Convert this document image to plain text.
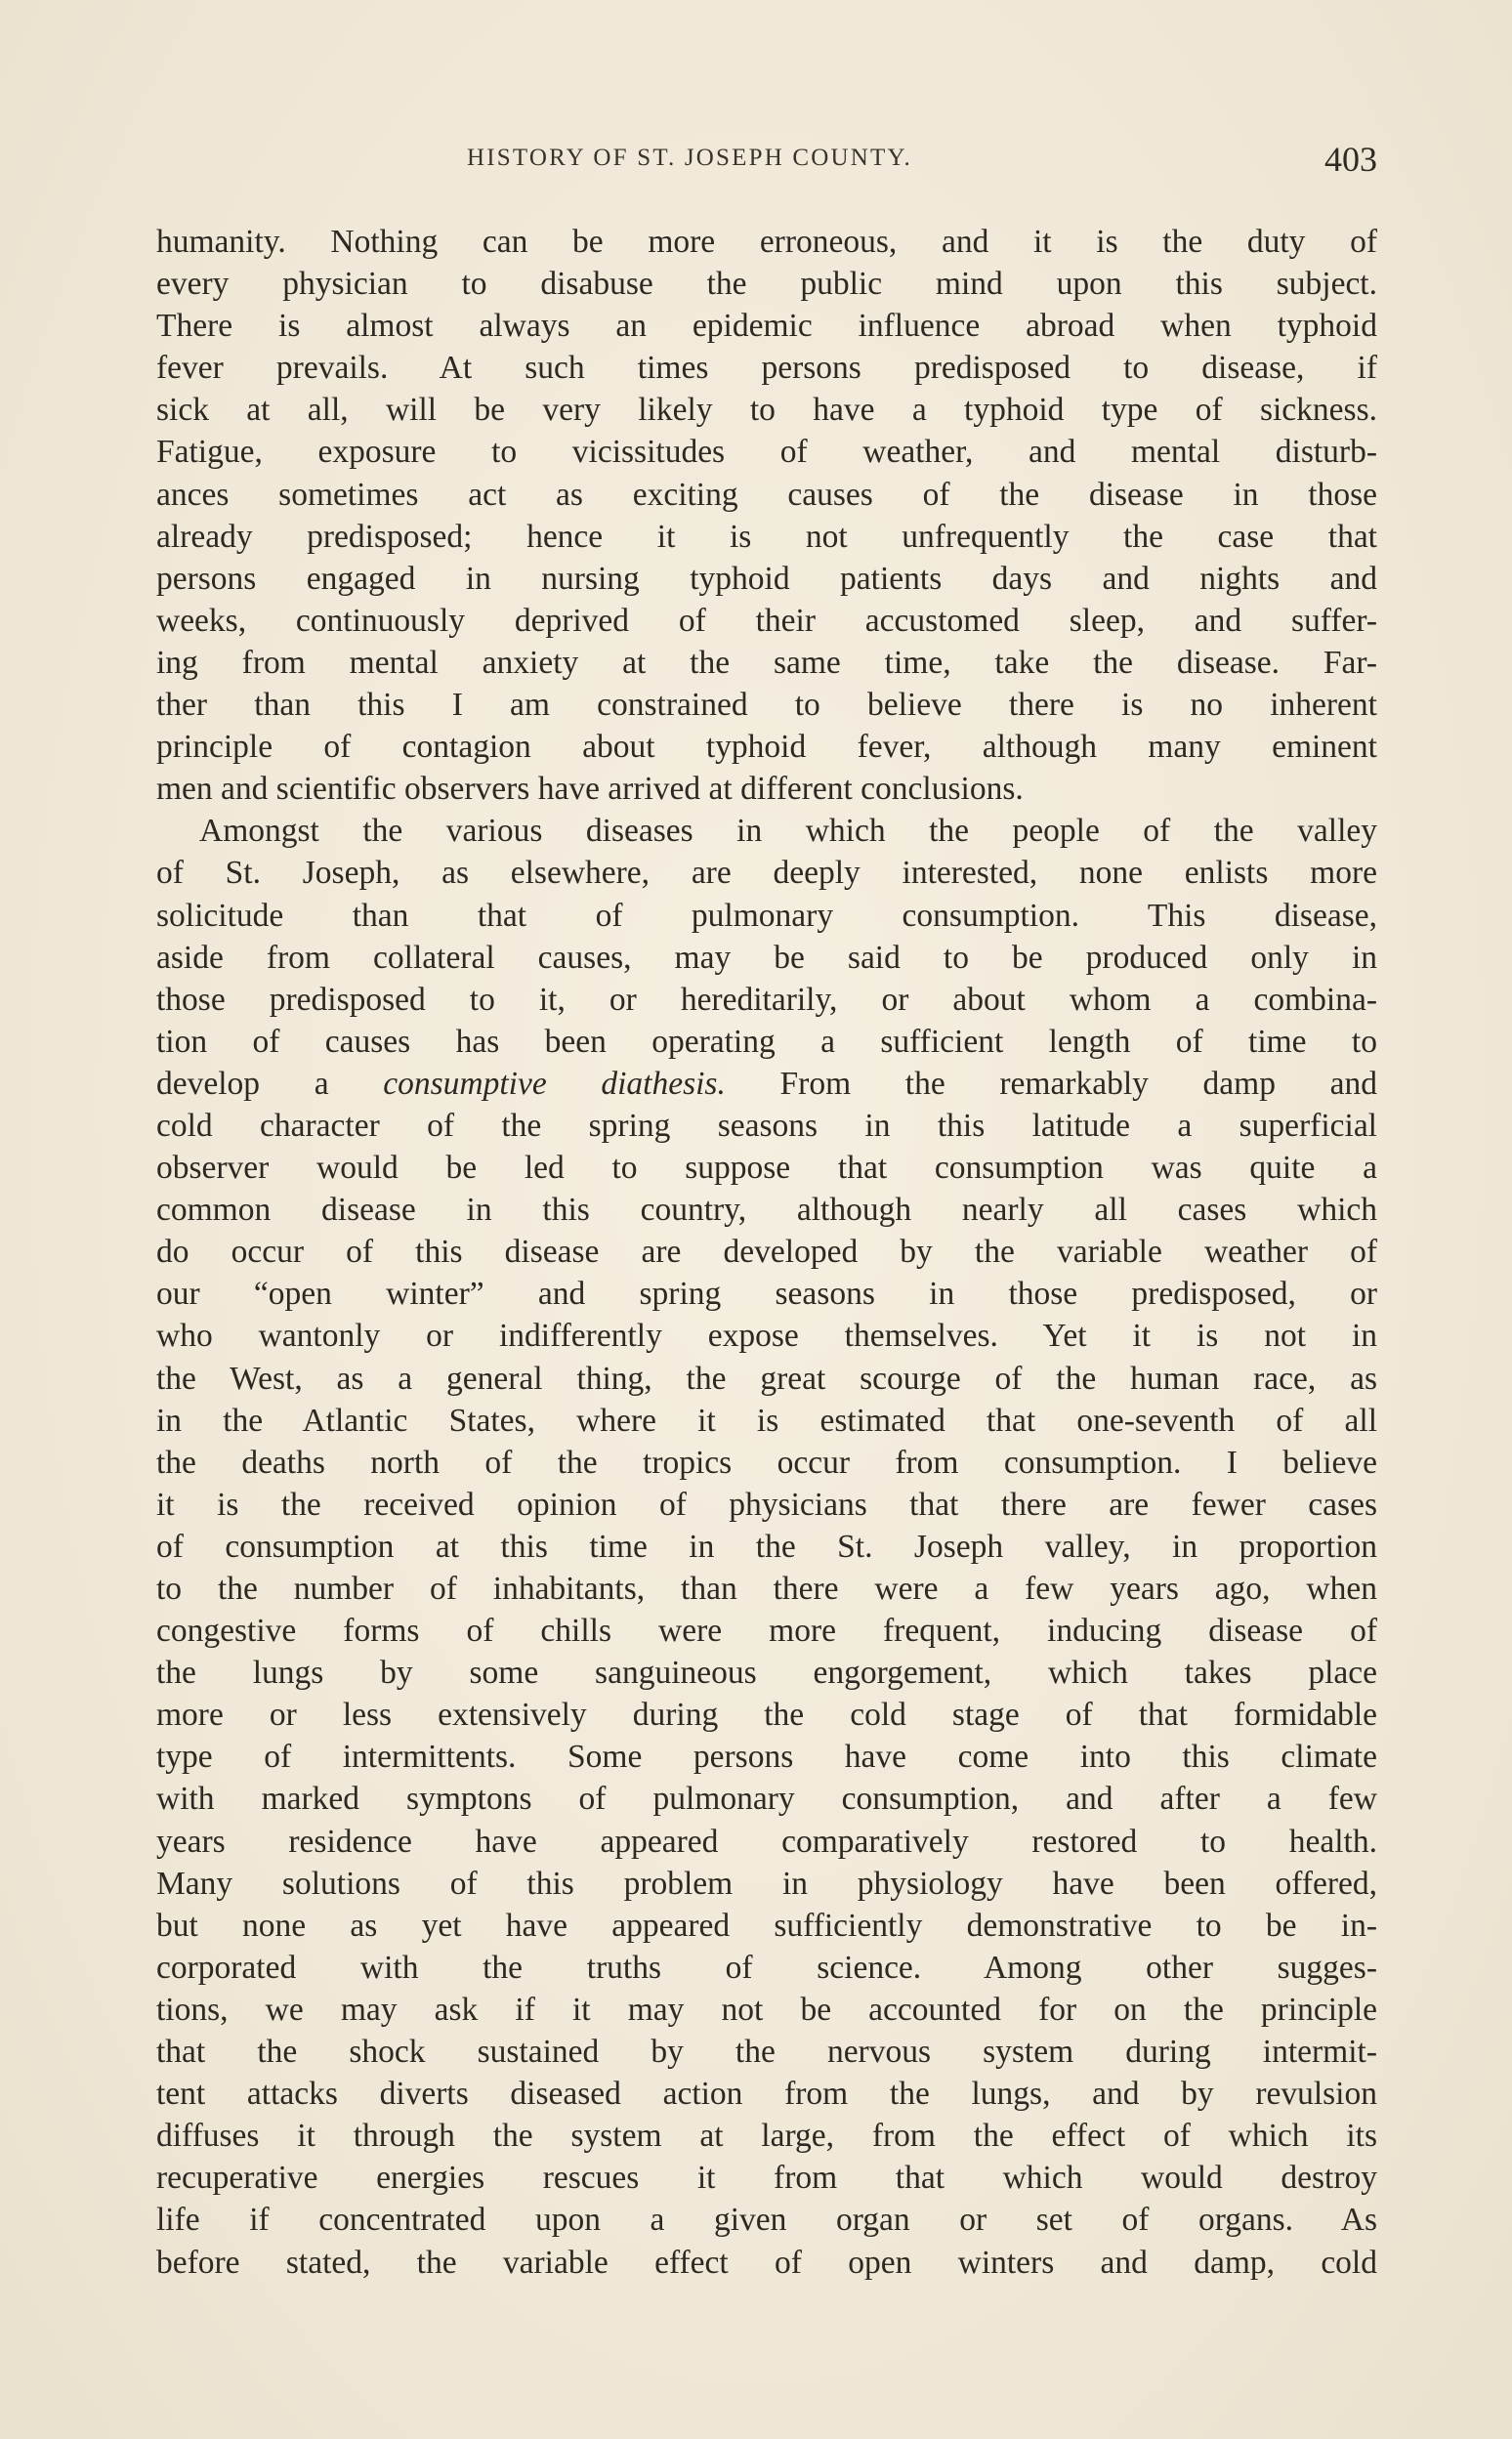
HISTORY OF ST. JOSEPH COUNTY.	403
humanity. Nothing can be more erroneous, and it is the duty of
every physician to disabuse the public mind upon this subject.
There is almost always an epidemic influence abroad when typhoid
fever prevails. At such times persons predisposed to disease, if
sick at all, will be very likely to have a typhoid type of sickness.
Fatigue, exposure to vicissitudes of weather, and mental disturb-
ances sometimes act as exciting causes of the disease in those
already predisposed; hence it is not unfrequently the case that
persons engaged in nursing typhoid patients days and nights and
weeks, continuously deprived of their accustomed sleep, and suffer-
ing from mental anxiety at the same time, take the disease. Far-
ther than this I am constrained to believe there is no inherent
principle of contagion about typhoid fever, although many eminent
men and scientific observers have arrived at different conclusions.
Amongst the various diseases in which the people of the valley
of St. Joseph, as elsewhere, are deeply interested, none enlists more
solicitude than that of pulmonary consumption. This disease,
aside from collateral causes, may be said to be produced only in
those predisposed to it, or hereditarily, or about whom a combina-
tion of causes has been operating a sufficient length of time to
develop a consumptive diathesis. From the remarkably damp and
cold character of the spring seasons in this latitude a superficial
observer would be led to suppose that consumption was quite a
common disease in this country, although nearly all cases which
do occur of this disease are developed by the variable weather of
our “open winter” and spring seasons in those predisposed, or
who wantonly or indifferently expose themselves. Yet it is not in
the West, as a general thing, the great scourge of the human race, as
in the Atlantic States, where it is estimated that one-seventh of all
the deaths north of the tropics occur from consumption. I believe
it is the received opinion of physicians that there are fewer cases
of consumption at this time in the St. Joseph valley, in proportion
to the number of inhabitants, than there were a few years ago, when
congestive forms of chills were more frequent, inducing disease of
the lungs by some sanguineous engorgement, which takes place
more or less extensively during the cold stage of that formidable
type of intermittents. Some persons have come into this climate
with marked symptons of pulmonary consumption, and after a few
years residence have appeared comparatively restored to health.
Many solutions of this problem in physiology have been offered,
but none as yet have appeared sufficiently demonstrative to be in-
corporated with the truths of science. Among other sugges-
tions, we may ask if it may not be accounted for on the principle
that the shock sustained by the nervous system during intermit-
tent attacks diverts diseased action from the lungs, and by revulsion
diffuses it through the system at large, from the effect of which its
recuperative energies rescues it from that which would destroy
life if concentrated upon a given organ or set of organs. As
before stated, the variable effect of open winters and damp, cold
